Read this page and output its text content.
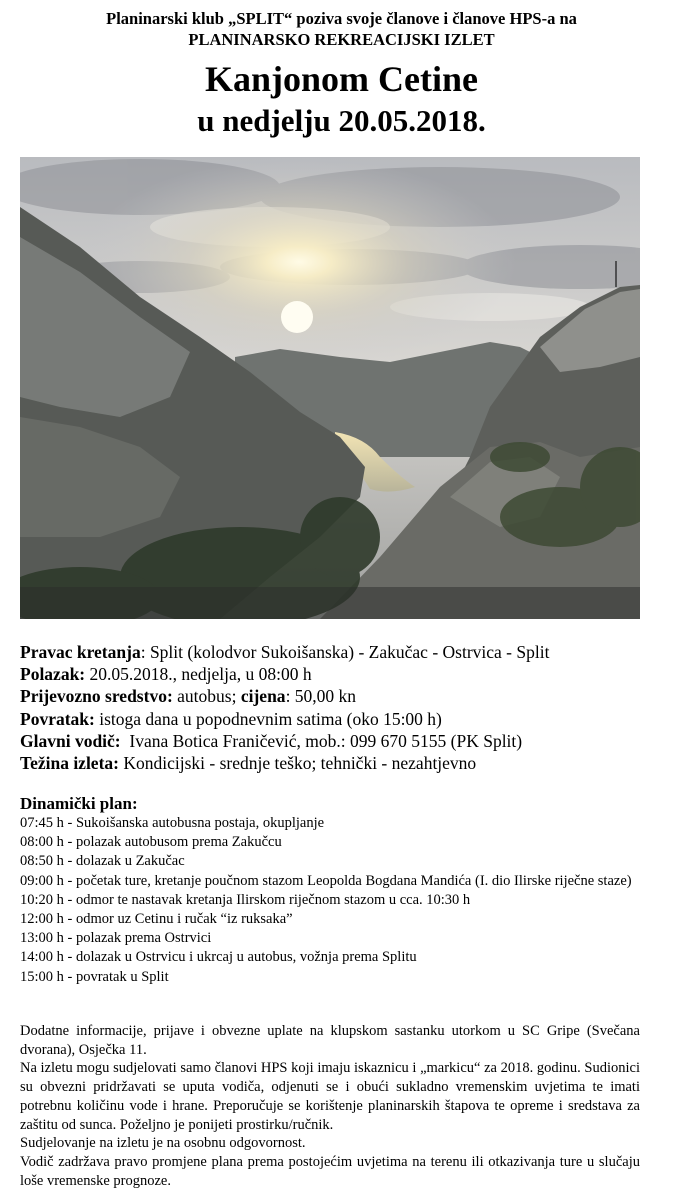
Planinarski klub „SPLIT“ poziva svoje članove i članove HPS-a na
PLANINARSKO REKREACIJSKI IZLET
Kanjonom Cetine
u nedjelju 20.05.2018.
Pravac kretanja: Split (kolodvor Sukoišanska) - Zakučac - Ostrvica - Split
Polazak: 20.05.2018., nedjelja, u 08:00 h
Prijevozno sredstvo: autobus; cijena: 50,00 kn
Povratak: istoga dana u popodnevnim satima (oko 15:00 h)
Glavni vodič:  Ivana Botica Franičević, mob.: 099 670 5155 (PK Split)
Težina izleta: Kondicijski - srednje teško; tehnički - nezahtjevno
Dinamički plan:
07:45 h - Sukoišanska autobusna postaja, okupljanje
08:00 h - polazak autobusom prema Zakučcu
08:50 h - dolazak u Zakučac
09:00 h - početak ture, kretanje poučnom stazom Leopolda Bogdana Mandića (I. dio Ilirske riječne staze)
10:20 h - odmor te nastavak kretanja Ilirskom riječnom stazom u cca. 10:30 h
12:00 h - odmor uz Cetinu i ručak “iz ruksaka”
13:00 h - polazak prema Ostrvici
14:00 h - dolazak u Ostrvicu i ukrcaj u autobus, vožnja prema Splitu
15:00 h - povratak u Split
Dodatne informacije, prijave i obvezne uplate na klupskom sastanku utorkom u SC Gripe (Svečana dvorana), Osječka 11.
Na izletu mogu sudjelovati samo članovi HPS koji imaju iskaznicu i „markicu“ za 2018. godinu. Sudionici su obvezni pridržavati se uputa vodiča, odjenuti se i obući sukladno vremenskim uvjetima te imati potrebnu količinu vode i hrane. Preporučuje se korištenje planinarskih štapova te opreme i sredstava za zaštitu od sunca. Poželjno je ponijeti prostirku/ručnik.
Sudjelovanje na izletu je na osobnu odgovornost.
Vodič zadržava pravo promjene plana prema postojećim uvjetima na terenu ili otkazivanja ture u slučaju loše vremenske prognoze.
